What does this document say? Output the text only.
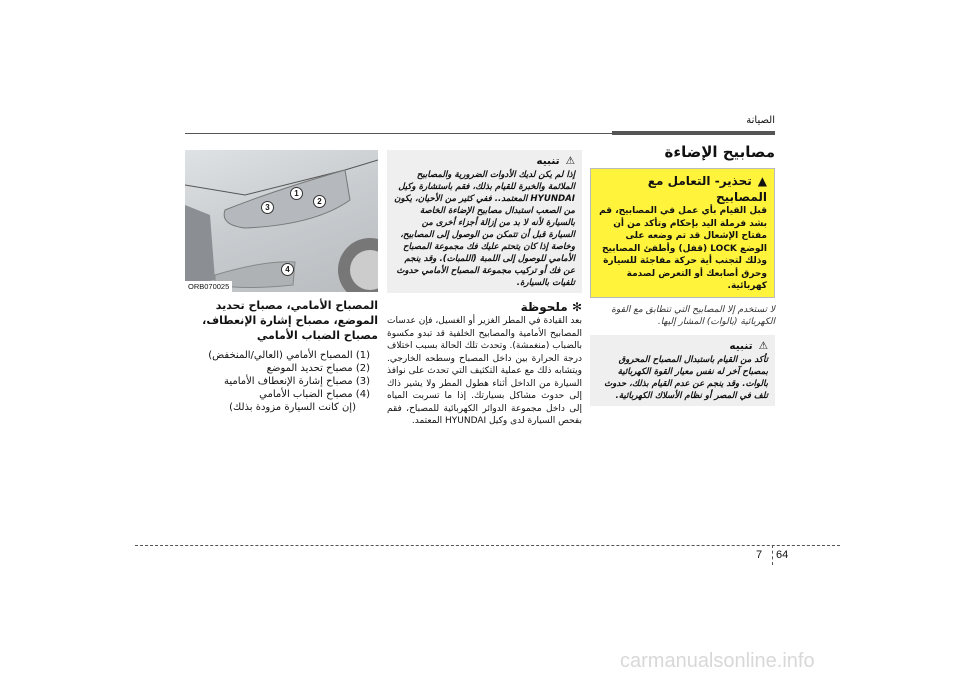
الصيانة
مصابيح الإضاءة
▲تحذير- التعامل مع المصابيح
قبل القيام بأي عمل في المصابيح، قم بشد فرملة اليد بإحكام وتأكد من أن مفتاح الإشعال قد تم وضعه على الوضع LOCK (قفل) وأطفئ المصابيح وذلك لتجنب أية حركة مفاجئة للسيارة وحرق أصابعك أو التعرض لصدمة كهربائية.
لا تستخدم إلا المصابيح التي تتطابق مع القوة الكهربائية (بالوات) المشار إليها.
⚠تنبيه
تأكد من القيام باستبدال المصباح المحروق بمصباح آخر له نفس معيار القوة الكهربائية بالوات. وقد ينجم عن عدم القيام بذلك، حدوث تلف في المصر أو نظام الأسلاك الكهربائية.
⚠تنبيه
إذا لم يكن لديك الأدوات الضرورية والمصابيح الملائمة والخبرة للقيام بذلك، فقم باستشارة وكيل HYUNDAI المعتمد.. ففي كثير من الأحيان، يكون من الصعب استبدال مصابيح الإضاءة الخاصة بالسيارة لأنه لا بد من إزالة أجزاء أخرى من السيارة قبل أن تتمكن من الوصول إلى المصابيح، وخاصة إذا كان يتحتم عليك فك مجموعة المصباح الأمامي للوصول إلى اللمبة (اللمبات). وقد ينجم عن فك أو تركيب مجموعة المصباح الأمامي حدوث تلفيات بالسيارة.
✻ ملحوظة
بعد القيادة في المطر الغزير أو الغسيل، فإن عدسات المصابيح الأمامية والمصابيح الخلفية قد تبدو مكسوة بالضباب (منغمشة). وتحدث تلك الحالة بسبب اختلاف درجة الحرارة بين داخل المصباح وسطحه الخارجي. ويتشابه ذلك مع عملية التكثيف التي تحدث على نوافذ السيارة من الداخل أثناء هطول المطر ولا يشير ذاك إلى حدوث مشاكل بسيارتك. إذا ما تسربت المياه إلى داخل مجموعة الدوائر الكهربائية للمصباح، فقم بفحص السيارة لدى وكيل HYUNDAI المعتمد.
1
2
3
4
ORB070025
المصباح الأمامي، مصباح تحديد الموضع، مصباح إشارة الإنعطاف، مصباح الضباب الأمامي
(1) المصباح الأمامي (العالي/المنخفض)
(2) مصباح تحديد الموضع
(3) مصباح إشارة الإنعطاف الأمامية
(4) مصباح الضباب الأمامي
(إن كانت السيارة مزودة بذلك)
7 64
carmanualsonline.info
